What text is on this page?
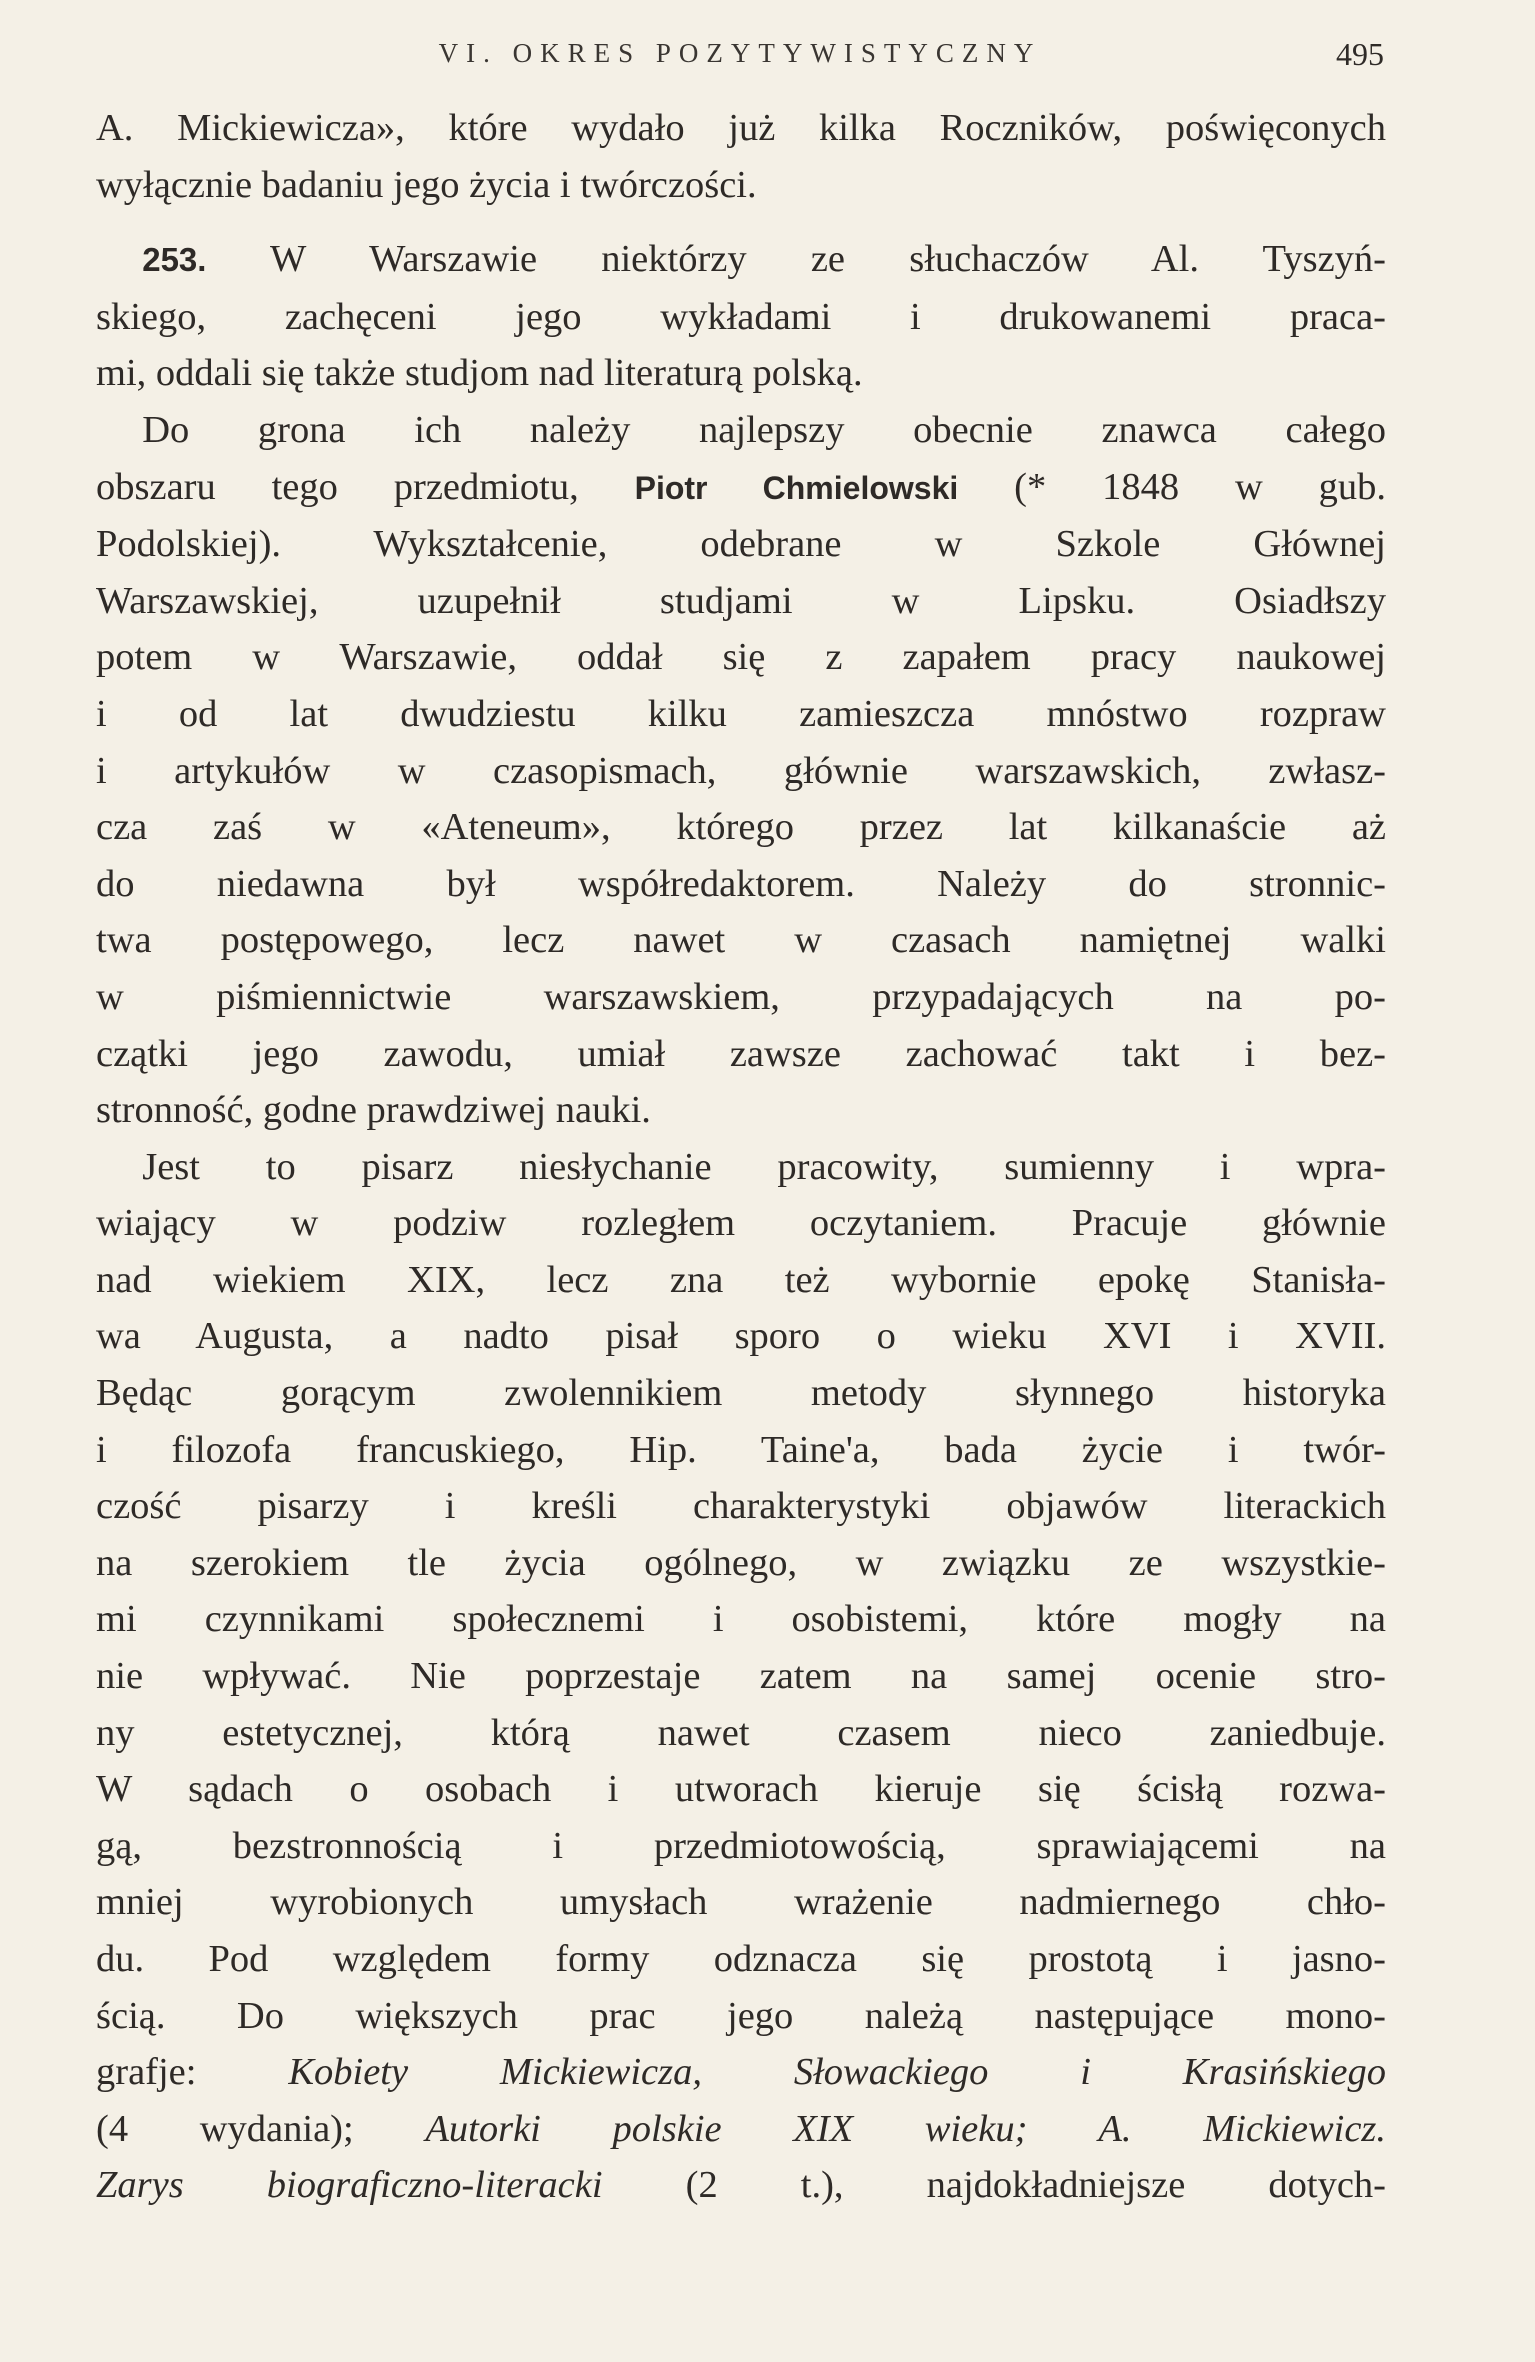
VI. OKRES POZYTYWISTYCZNY	495

A. Mickiewicza», które wydało już kilka Roczników, poświęconych
wyłącznie badaniu jego życia i twórczości.

  253. W Warszawie niektórzy ze słuchaczów Al. Tyszyń-
skiego, zachęceni jego wykładami i drukowanemi praca-
mi, oddali się także studjom nad literaturą polską.

  Do grona ich należy najlepszy obecnie znawca całego
obszaru tego przedmiotu, Piotr Chmielowski (* 1848 w gub.
Podolskiej). Wykształcenie, odebrane w Szkole Głównej
Warszawskiej, uzupełnił studjami w Lipsku. Osiadłszy
potem w Warszawie, oddał się z zapałem pracy naukowej
i od lat dwudziestu kilku zamieszcza mnóstwo rozpraw
i artykułów w czasopismach, głównie warszawskich, zwłasz-
cza zaś w «Ateneum», którego przez lat kilkanaście aż
do niedawna był współredaktorem. Należy do stronnic-
twa postępowego, lecz nawet w czasach namiętnej walki
w piśmiennictwie warszawskiem, przypadających na po-
czątki jego zawodu, umiał zawsze zachować takt i bez-
stronność, godne prawdziwej nauki.

  Jest to pisarz niesłychanie pracowity, sumienny i wpra-
wiający w podziw rozległem oczytaniem. Pracuje głównie
nad wiekiem XIX, lecz zna też wybornie epokę Stanisła-
wa Augusta, a nadto pisał sporo o wieku XVI i XVII.
Będąc gorącym zwolennikiem metody słynnego historyka
i filozofa francuskiego, Hip. Taine'a, bada życie i twór-
czość pisarzy i kreśli charakterystyki objawów literackich
na szerokiem tle życia ogólnego, w związku ze wszystkie-
mi czynnikami społecznemi i osobistemi, które mogły na
nie wpływać. Nie poprzestaje zatem na samej ocenie stro-
ny estetycznej, którą nawet czasem nieco zaniedbuje.
W sądach o osobach i utworach kieruje się ścisłą rozwa-
gą, bezstronnością i przedmiotowością, sprawiającemi na
mniej wyrobionych umysłach wrażenie nadmiernego chło-
du. Pod względem formy odznacza się prostotą i jasno-
ścią. Do większych prac jego należą następujące mono-
grafje: Kobiety Mickiewicza, Słowackiego i Krasińskiego
(4 wydania); Autorki polskie XIX wieku; A. Mickiewicz.
Zarys biograficzno-literacki (2 t.), najdokładniejsze dotych-
